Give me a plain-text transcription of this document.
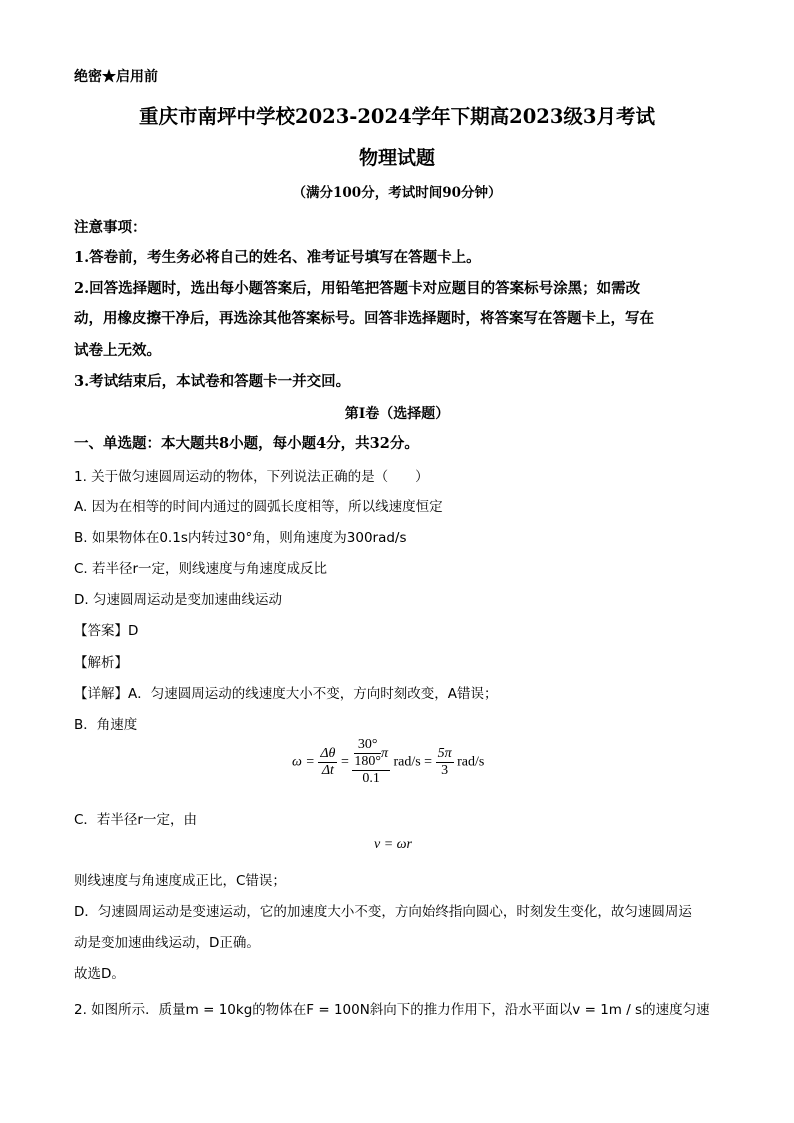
绝密★启用前
重庆市南坪中学校2023-2024学年下期高2023级3月考试
物理试题
（满分100分，考试时间90分钟）
注意事项：
1.答卷前，考生务必将自己的姓名、准考证号填写在答题卡上。
2.回答选择题时，选出每小题答案后，用铅笔把答题卡对应题目的答案标号涂黑；如需改
动，用橡皮擦干净后，再选涂其他答案标号。回答非选择题时，将答案写在答题卡上，写在
试卷上无效。
3.考试结束后，本试卷和答题卡一并交回。
第Ⅰ卷（选择题）
一、单选题：本大题共8小题，每小题4分，共32分。
1. 关于做匀速圆周运动的物体，下列说法正确的是（　　）
A. 因为在相等的时间内通过的圆弧长度相等，所以线速度恒定
B. 如果物体在0.1s内转过30°角，则角速度为300rad/s
C. 若半径r一定，则线速度与角速度成反比
D. 匀速圆周运动是变加速曲线运动
【答案】D
【解析】
【详解】A．匀速圆周运动的线速度大小不变，方向时刻改变，A错误；
B．角速度
$\omega = \frac{\Delta\theta}{\Delta t} = \frac{\frac{30^\circ}{180^\circ} \pi}{0.1} rad/s = \frac{5\pi}{3} rad/s$
C．若半径r一定，由
v = ωr
则线速度与角速度成正比，C错误；
D．匀速圆周运动是变速运动，它的加速度大小不变，方向始终指向圆心，时刻发生变化，故匀速圆周运
动是变加速曲线运动，D正确。
故选D。
2. 如图所示．质量m = 10kg的物体在F = 100N斜向下的推力作用下，沿水平面以v = 1m / s的速度匀速
